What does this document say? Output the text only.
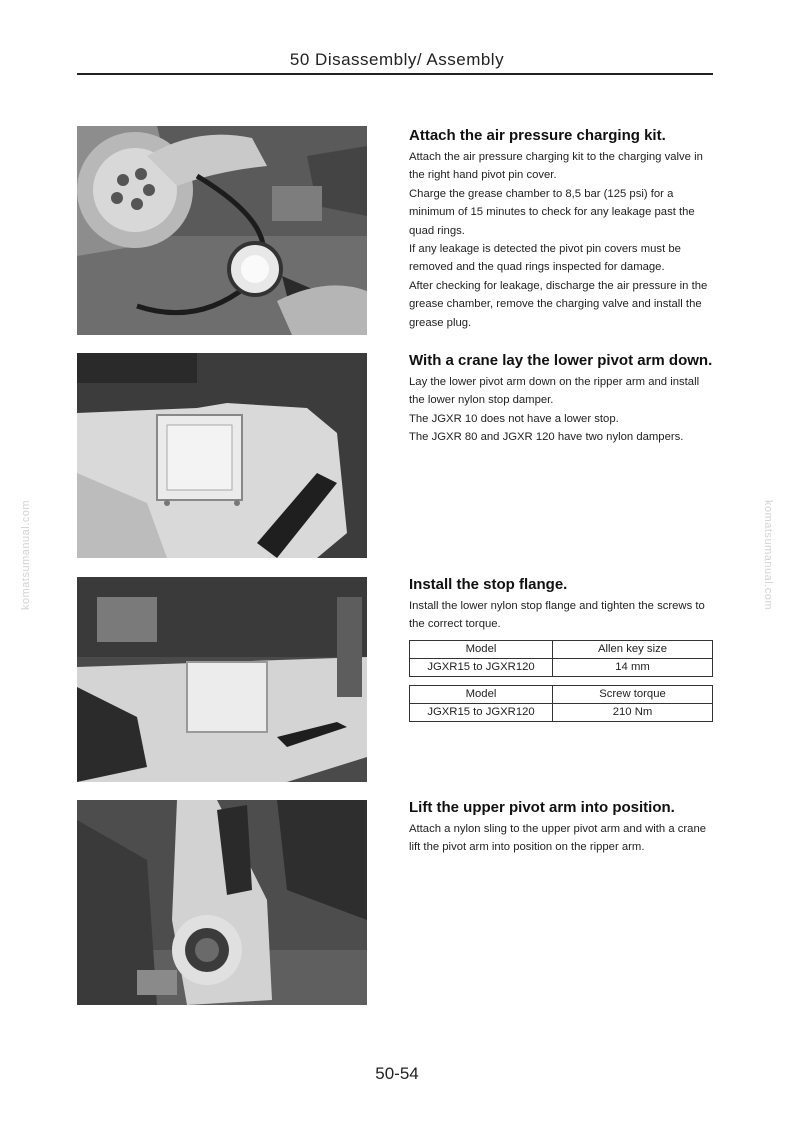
50 Disassembly/ Assembly
komatsumanual.com	komatsumanual.com
Attach the air pressure charging kit.

Attach the air pressure charging kit to the charging valve in the right hand pivot pin cover.

Charge the grease chamber to 8,5 bar (125 psi) for a minimum of 15 minutes to check for any leakage past the quad rings.

If any leakage is detected the pivot pin covers must be removed and the quad rings inspected for damage.

After checking for leakage, discharge the air pressure in the grease chamber, remove the charging valve and install the grease plug.

With a crane lay the lower pivot arm down.

Lay the lower pivot arm down on the ripper arm and install the lower nylon stop damper.

The JGXR 10 does not have a lower stop.

The JGXR 80 and JGXR 120 have two nylon dampers.

Install the stop flange.

Install the lower nylon stop flange and tighten the screws to the correct torque.

Model	Allen key size
JGXR15 to JGXR120	14 mm
Model	Screw torque
JGXR15 to JGXR120	210 Nm
Lift the upper pivot arm into position.

Attach a nylon sling to the upper pivot arm and with a crane lift the pivot arm into position on the ripper arm.

50-54
